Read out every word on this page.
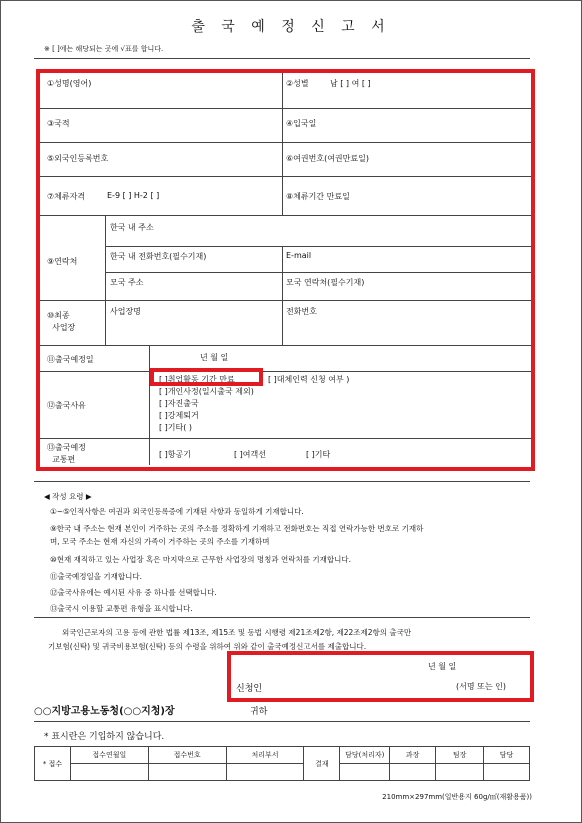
출 국 예 정 신 고 서
※ [ ]에는 해당되는 곳에 √표를 합니다.
①성명(영어)	②성별	남 [ ] 여 [ ]
③국적	④입국일
⑤외국인등록번호	⑥여권번호(여권만료일)
⑦체류자격	E-9 [ ] H-2 [ ]	⑧체류기간 만료일
⑨연락처
한국 내 주소
한국 내 전화번호(필수기재)	E-mail
모국 주소	모국 연락처(필수기재)
⑩최종
사업장
사업장명	전화번호
⑪출국예정일	년 월 일
⑫출국사유
[ ]취업활동 기간 만료	[ ]대체인력 신청 여부 )
[ ]개인사정(일시출국 제외)
[ ]자진출국
[ ]강제퇴거
[ ]기타( )
⑬출국예정
교통편
[ ]항공기	[ ]여객선	[ ]기타
◀ 작성 요령 ▶
①~⑤인적사항은 여권과 외국인등록증에 기재된 사항과 동일하게 기재합니다.
⑨한국 내 주소는 현재 본인이 거주하는 곳의 주소를 정확하게 기재하고 전화번호는 직접 연락가능한 번호로 기재하
며, 모국 주소는 현재 자신의 가족이 거주하는 곳의 주소를 기재하며
⑩현재 재직하고 있는 사업장 혹은 마지막으로 근무한 사업장의 명칭과 연락처를 기재합니다.
⑪출국예정일을 기재합니다.
⑫출국사유에는 예시된 사유 중 하나를 선택합니다.
⑬출국시 이용할 교통편 유형을 표시합니다.
외국인근로자의 고용 등에 관한 법률 제13조, 제15조 및 동법 시행령 제21조제2항, 제22조제2항의 출국만
기보험(신탁) 및 귀국비용보험(신탁) 등의 수령을 위하여 위와 같이 출국예정신고서를 제출합니다.
년 월 일
신청인	(서명 또는 인)
○○지방고용노동청(○○지청)장	귀하
* 표시란은 기입하지 않습니다.
* 접수	접수연월일	접수번호	처리부서	결재	담당(처리자)	과장	팀장	담당

210mm×297mm(일반용지 60g/㎡(재활용품))
